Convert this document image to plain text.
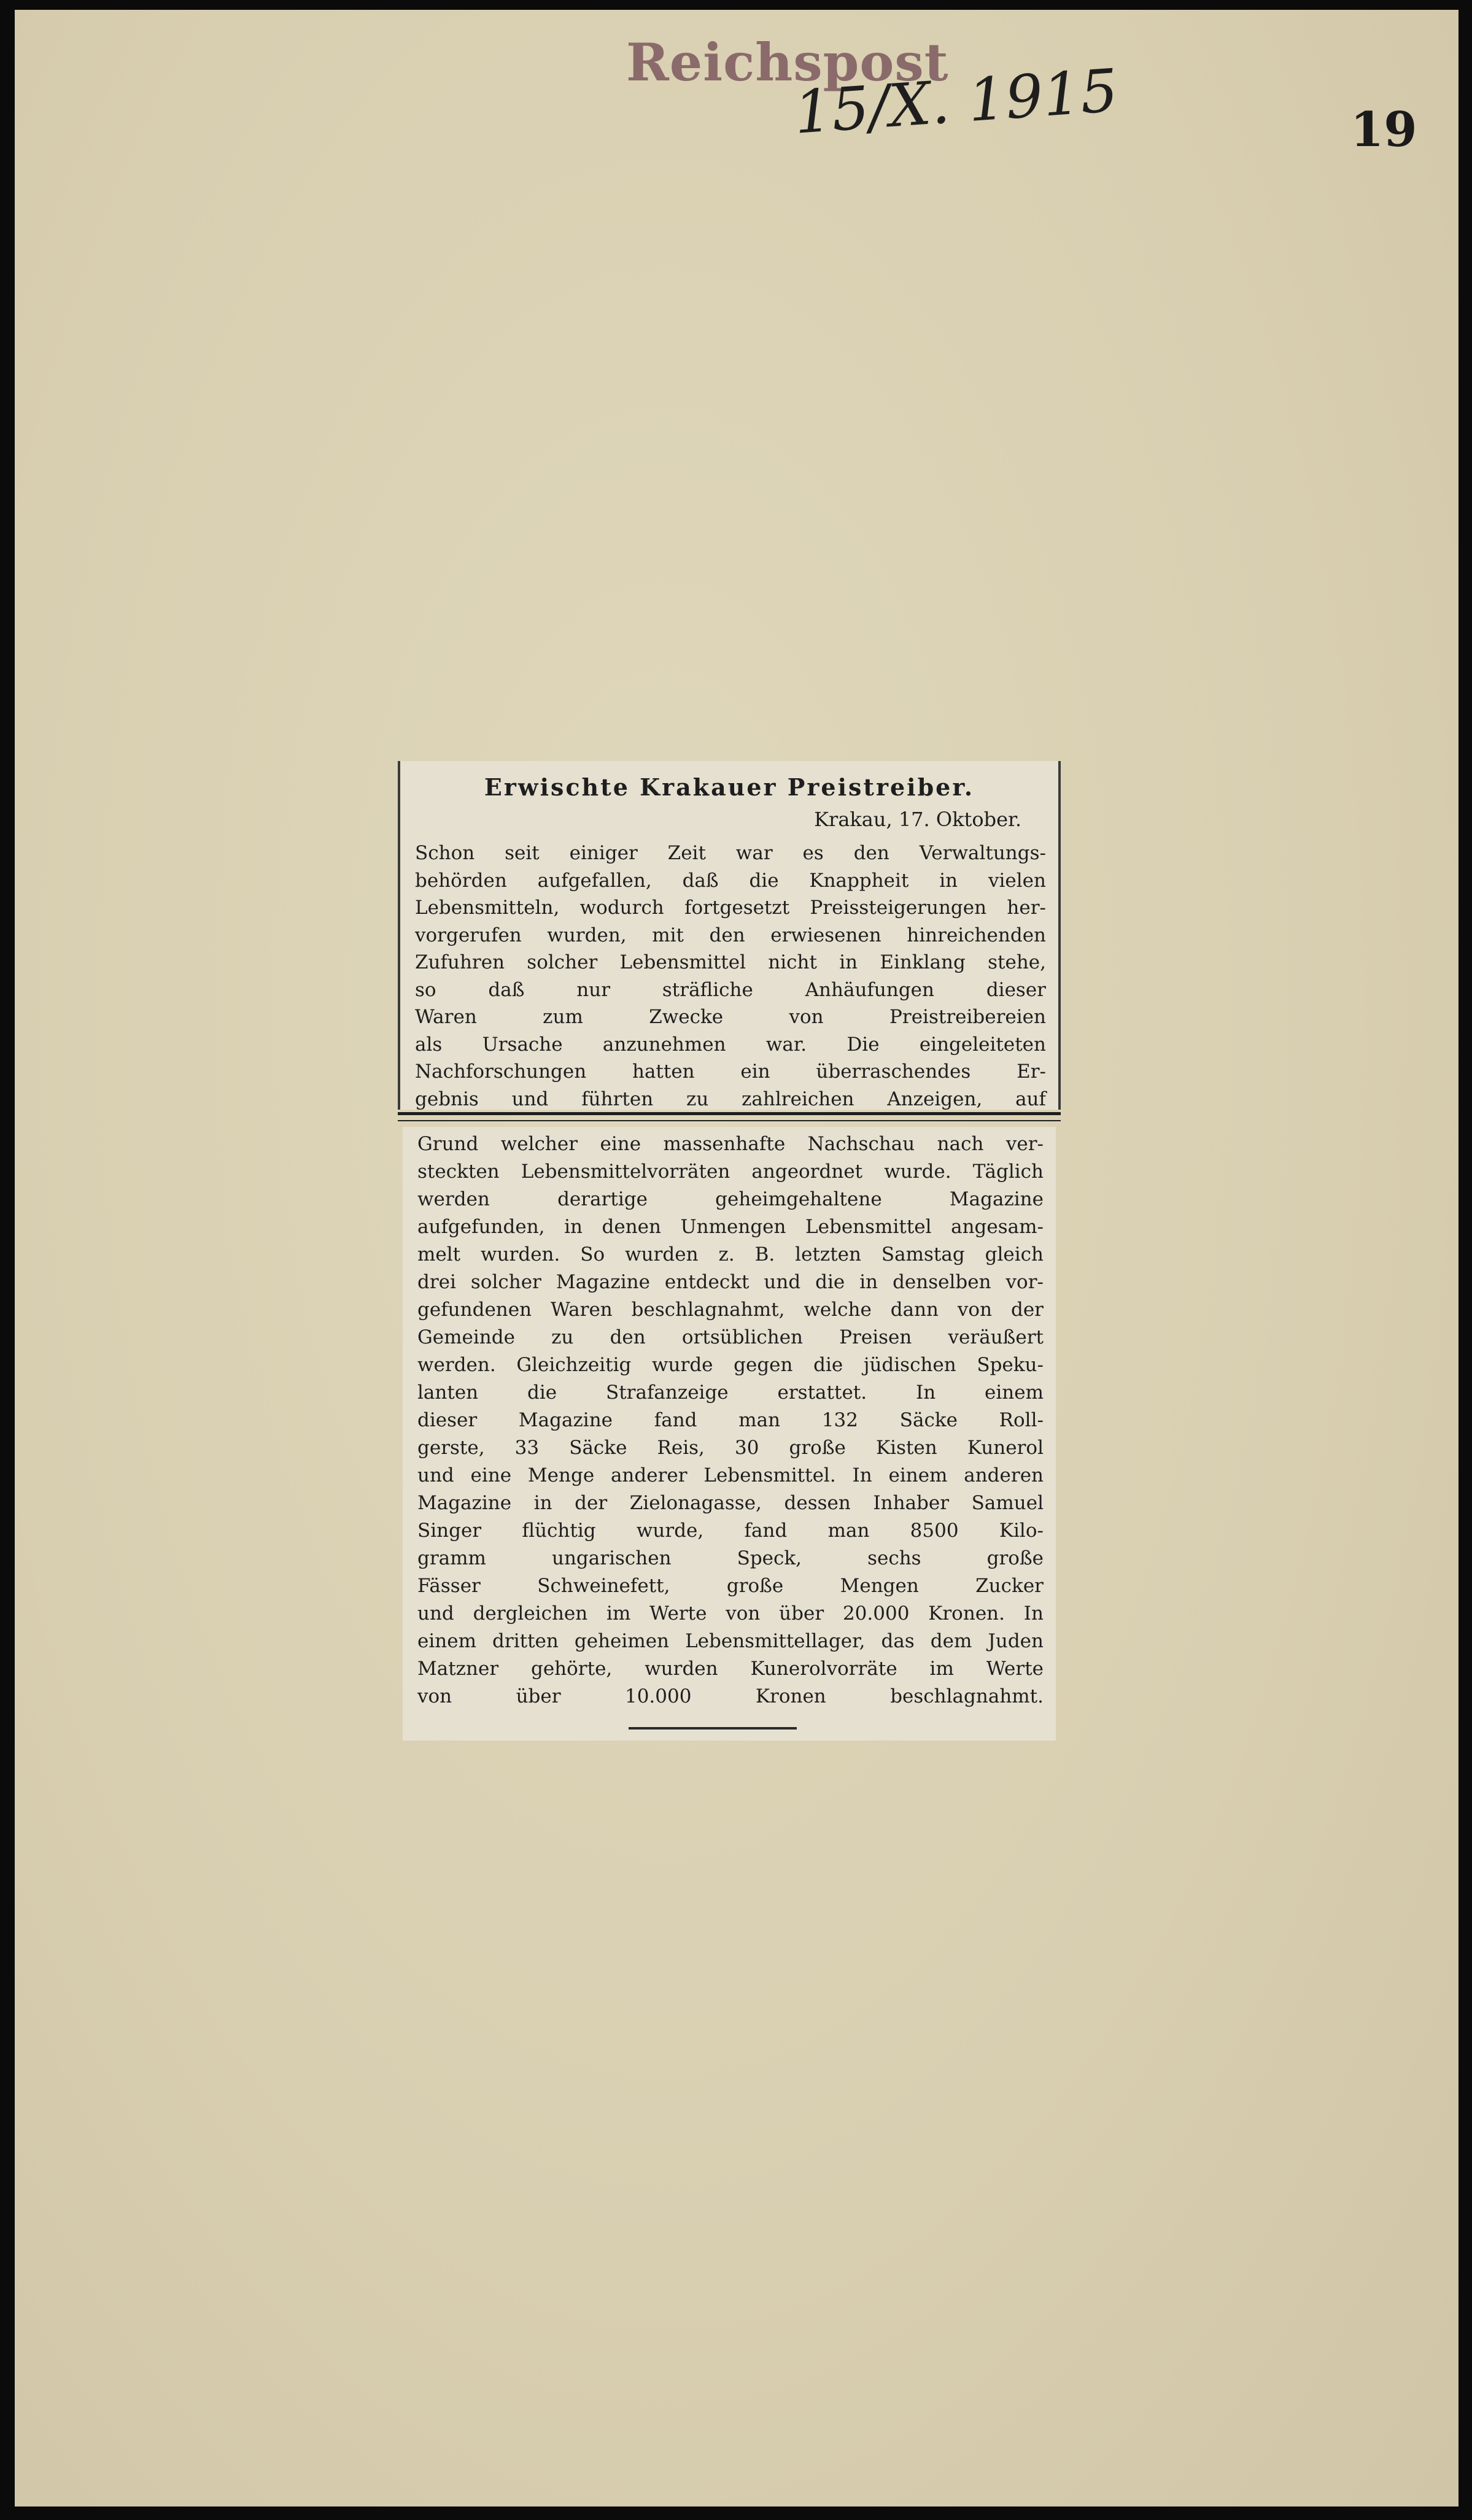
Reichspost
15/X. 1915	19
Erwischte Krakauer Preistreiber.
Krakau, 17. Oktober.
Schon seit einiger Zeit war es den Verwaltungs-
behörden aufgefallen, daß die Knappheit in vielen
Lebensmitteln, wodurch fortgesetzt Preissteigerungen her-
vorgerufen wurden, mit den erwiesenen hinreichenden
Zufuhren solcher Lebensmittel nicht in Einklang stehe,
so daß nur sträfliche Anhäufungen dieser
Waren zum Zwecke von Preistreibereien
als Ursache anzunehmen war. Die eingeleiteten
Nachforschungen hatten ein überraschendes Er-
gebnis und führten zu zahlreichen Anzeigen, auf
Grund welcher eine massenhafte Nachschau nach ver-
steckten Lebensmittelvorräten angeordnet wurde. Täglich
werden derartige geheimgehaltene Magazine
aufgefunden, in denen Unmengen Lebensmittel angesam-
melt wurden. So wurden z. B. letzten Samstag gleich
drei solcher Magazine entdeckt und die in denselben vor-
gefundenen Waren beschlagnahmt, welche dann von der
Gemeinde zu den ortsüblichen Preisen veräußert
werden. Gleichzeitig wurde gegen die jüdischen Speku-
lanten die Strafanzeige erstattet. In einem
dieser Magazine fand man 132 Säcke Roll-
gerste, 33 Säcke Reis, 30 große Kisten Kunerol
und eine Menge anderer Lebensmittel. In einem anderen
Magazine in der Zielonagasse, dessen Inhaber Samuel
Singer flüchtig wurde, fand man 8500 Kilo-
gramm ungarischen Speck, sechs große
Fässer Schweinefett, große Mengen Zucker
und dergleichen im Werte von über 20.000 Kronen. In
einem dritten geheimen Lebensmittellager, das dem Juden
Matzner gehörte, wurden Kunerolvorräte im Werte
von über 10.000 Kronen beschlagnahmt.
